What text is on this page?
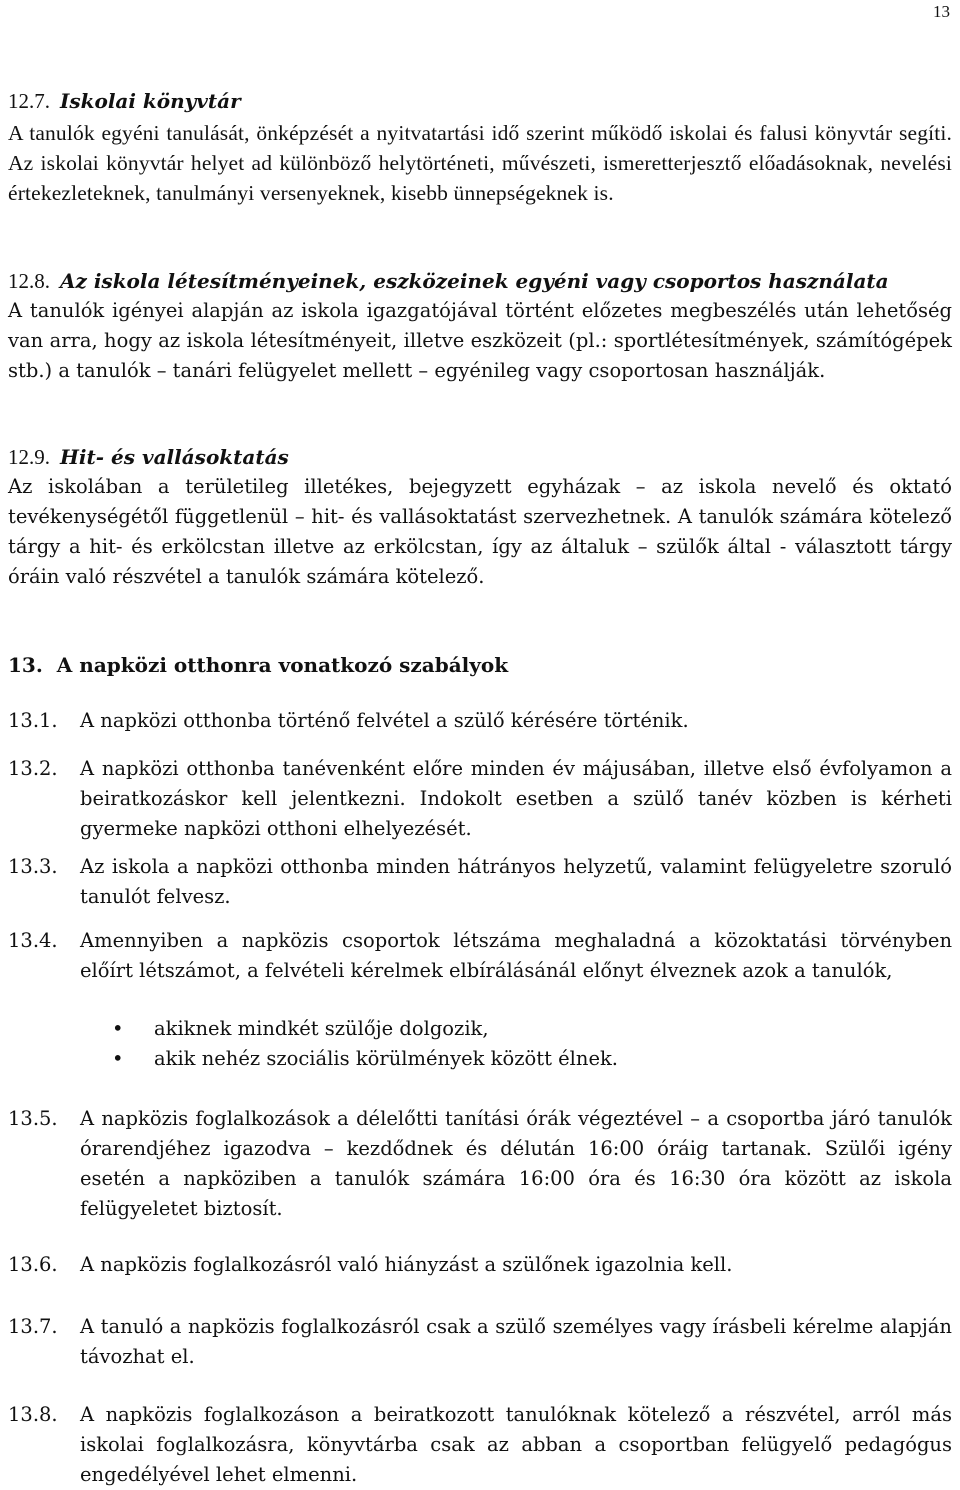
13
12.7. Iskolai könyvtár
A tanulók egyéni tanulását, önképzését a nyitvatartási idő szerint működő iskolai és falusi könyvtár segíti. Az iskolai könyvtár helyet ad különböző helytörténeti, művészeti, ismeretterjesztő előadásoknak, nevelési értekezleteknek, tanulmányi versenyeknek, kisebb ünnepségeknek is.
12.8. Az iskola létesítményeinek, eszközeinek egyéni vagy csoportos használata
A tanulók igényei alapján az iskola igazgatójával történt előzetes megbeszélés után lehetőség van arra, hogy az iskola létesítményeit, illetve eszközeit (pl.: sportlétesítmények, számítógépek stb.) a tanulók – tanári felügyelet mellett – egyénileg vagy csoportosan használják.
12.9. Hit- és vallásoktatás
Az iskolában a területileg illetékes, bejegyzett egyházak – az iskola nevelő és oktató tevékenységétől függetlenül – hit- és vallásoktatást szervezhetnek. A tanulók számára kötelező tárgy a hit- és erkölcstan illetve az erkölcstan, így az általuk – szülők által - választott tárgy óráin való részvétel a tanulók számára kötelező.
13. A napközi otthonra vonatkozó szabályok
13.1.	A napközi otthonba történő felvétel a szülő kérésére történik.
13.2.	A napközi otthonba tanévenként előre minden év májusában, illetve első évfolyamon a beiratkozáskor kell jelentkezni. Indokolt esetben a szülő tanév közben is kérheti gyermeke napközi otthoni elhelyezését.
13.3.	Az iskola a napközi otthonba minden hátrányos helyzetű, valamint felügyeletre szoruló tanulót felvesz.
13.4.	Amennyiben a napközis csoportok létszáma meghaladná a közoktatási törvényben előírt létszámot, a felvételi kérelmek elbírálásánál előnyt élveznek azok a tanulók,
• akiknek mindkét szülője dolgozik,
• akik nehéz szociális körülmények között élnek.
13.5.	A napközis foglalkozások a délelőtti tanítási órák végeztével – a csoportba járó tanulók órarendjéhez igazodva – kezdődnek és délután 16:00 óráig tartanak. Szülői igény esetén a napköziben a tanulók számára 16:00 óra és 16:30 óra között az iskola felügyeletet biztosít.
13.6.	A napközis foglalkozásról való hiányzást a szülőnek igazolnia kell.
13.7.	A tanuló a napközis foglalkozásról csak a szülő személyes vagy írásbeli kérelme alapján távozhat el.
13.8.	A napközis foglalkozáson a beiratkozott tanulóknak kötelező a részvétel, arról más iskolai foglalkozásra, könyvtárba csak az abban a csoportban felügyelő pedagógus engedélyével lehet elmenni.
